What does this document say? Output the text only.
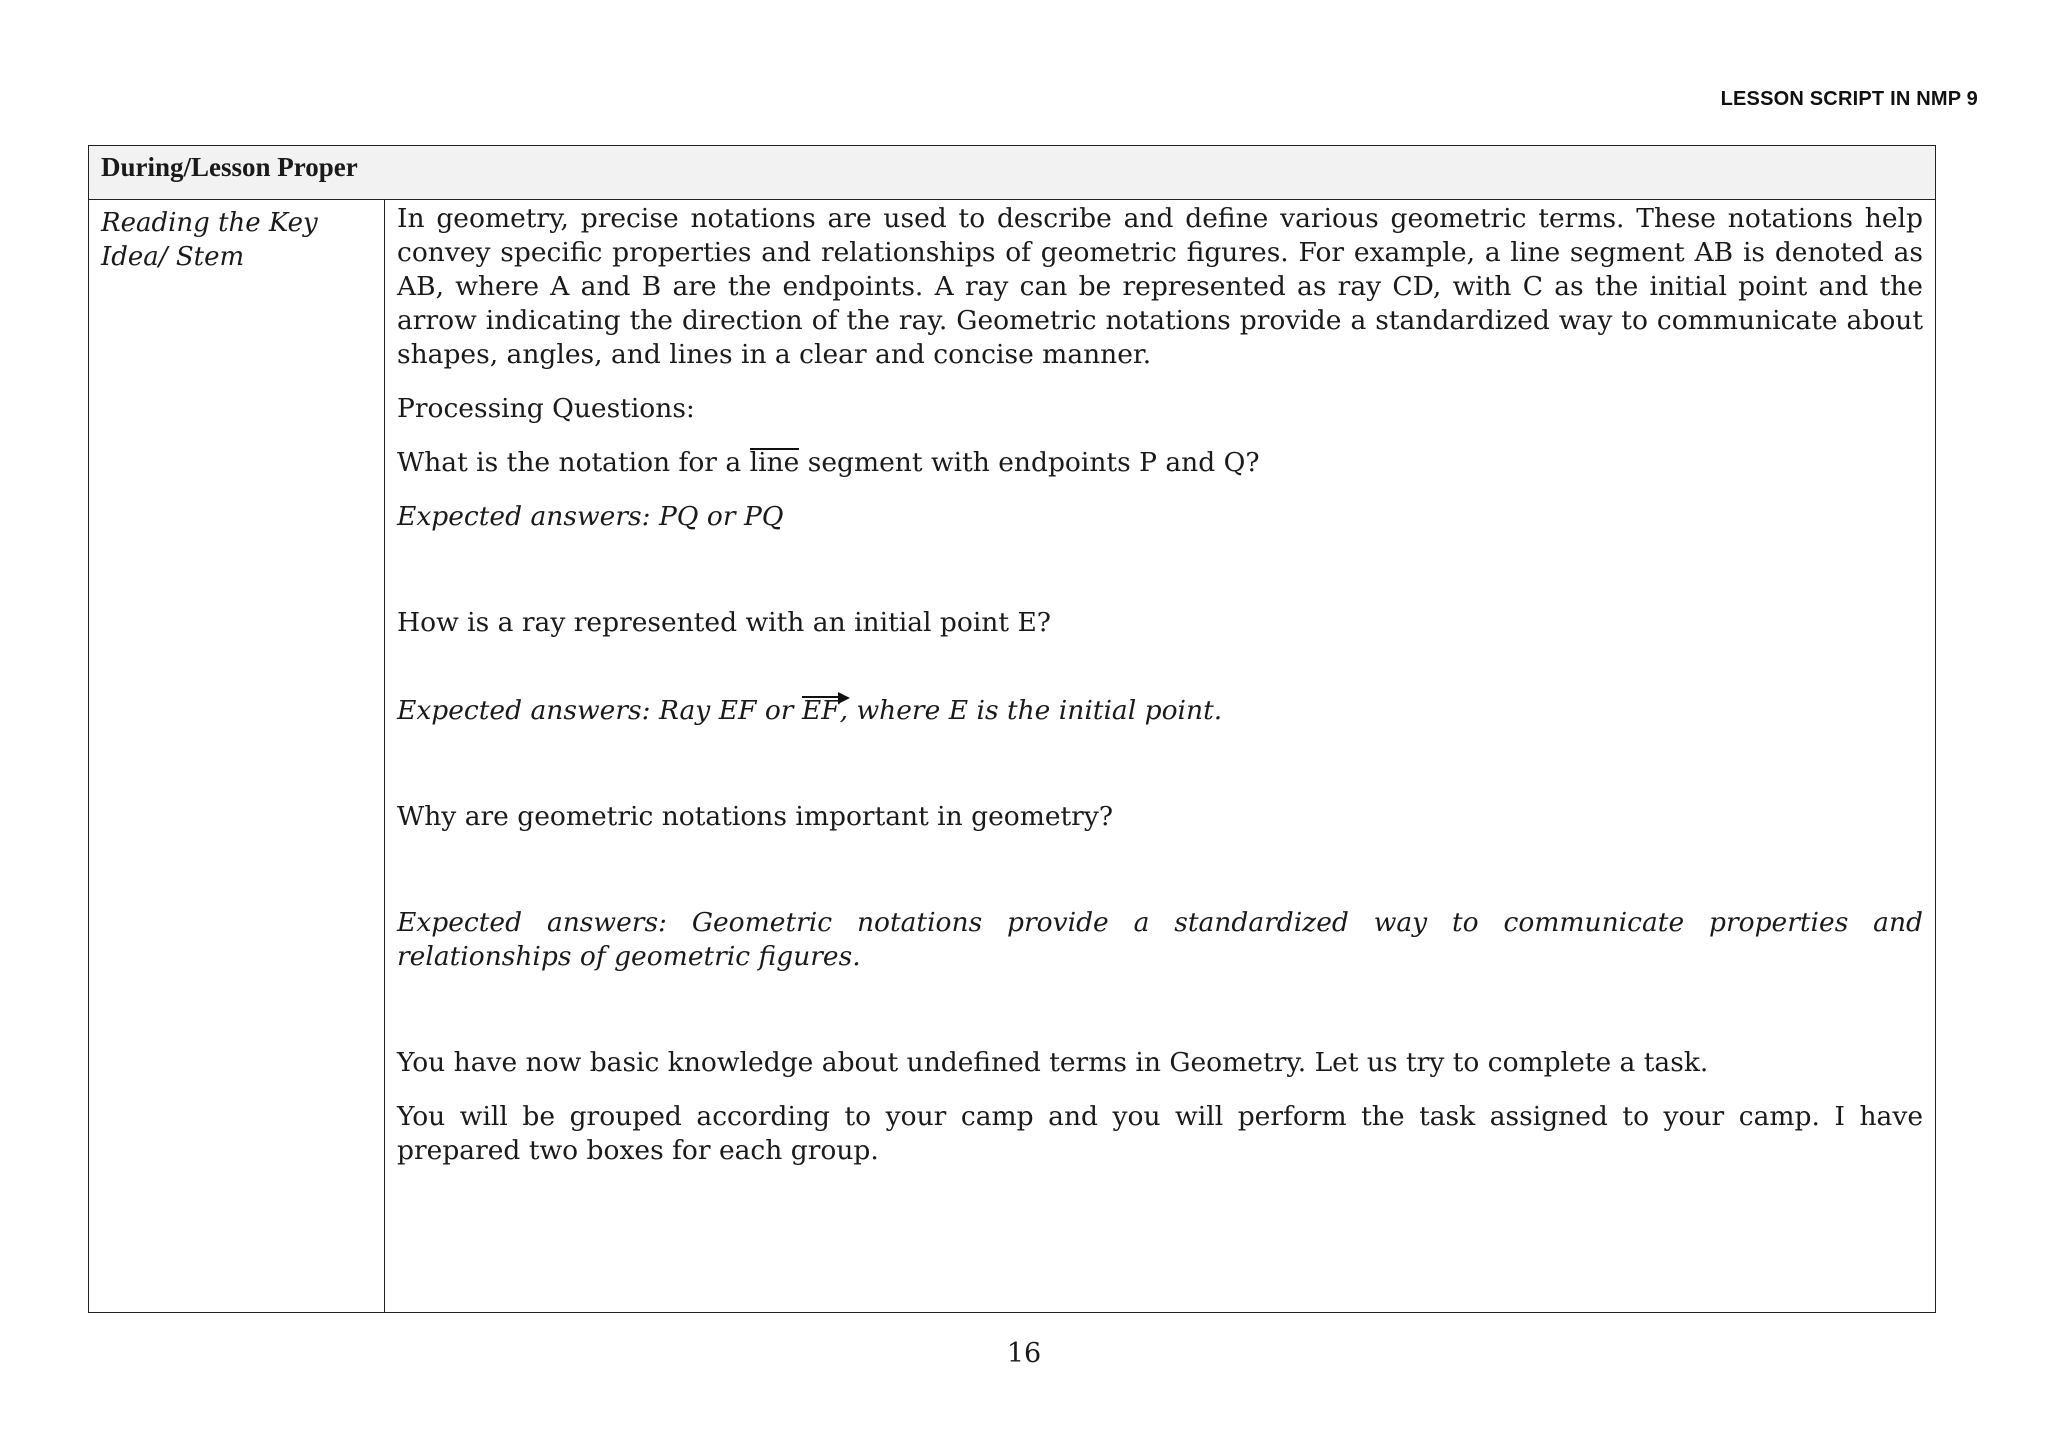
LESSON SCRIPT IN NMP 9
During/Lesson Proper
Reading the Key Idea/ Stem

In geometry, precise notations are used to describe and define various geometric terms. These notations help convey specific properties and relationships of geometric figures. For example, a line segment AB is denoted as AB, where A and B are the endpoints. A ray can be represented as ray CD, with C as the initial point and the arrow indicating the direction of the ray. Geometric notations provide a standardized way to communicate about shapes, angles, and lines in a clear and concise manner.

Processing Questions:

What is the notation for a line
segment with endpoints P and Q?

Expected answers: PQ or PQ

How is a ray represented with an initial point E?

Expected answers: Ray EF or EF
, where E is the initial point.

Why are geometric notations important in geometry?

Expected answers: Geometric notations provide a standardized way to communicate properties and relationships of geometric figures.

You have now basic knowledge about undefined terms in Geometry. Let us try to complete a task.

You will be grouped according to your camp and you will perform the task assigned to your camp. I have prepared two boxes for each group.

16
